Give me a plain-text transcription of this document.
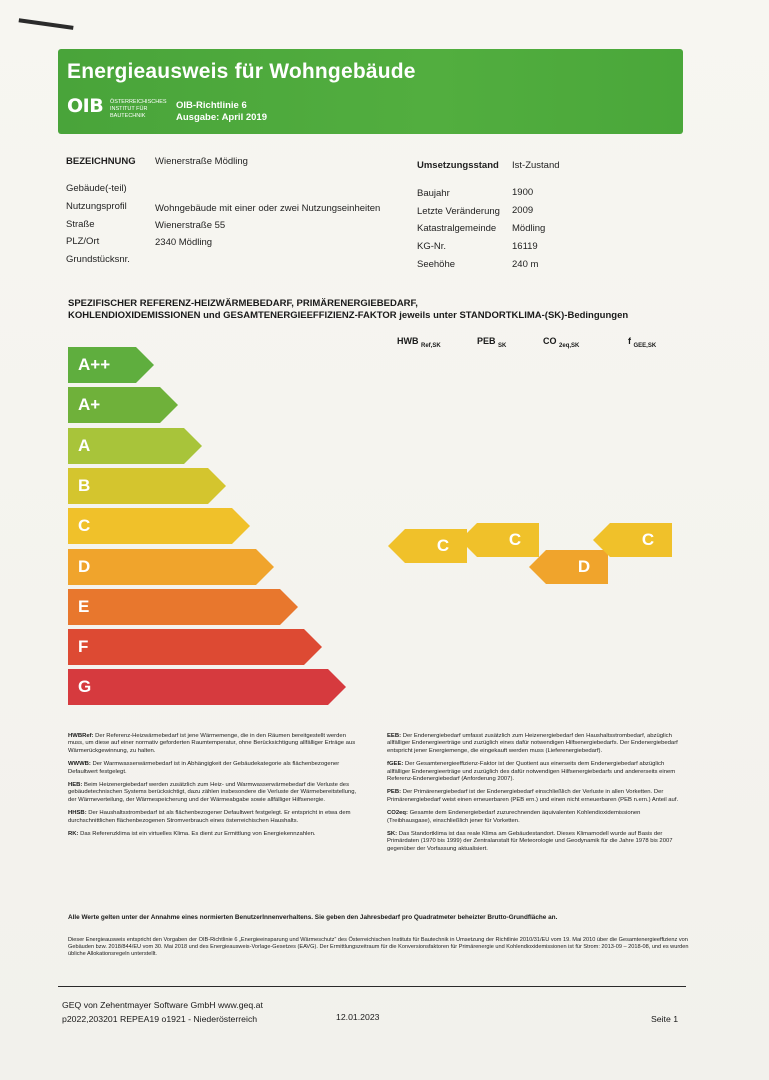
Energieausweis für Wohngebäude
OIB ÖSTERREICHISCHES INSTITUT FÜR BAUTECHNIK
OIB-Richtlinie 6
Ausgabe: April 2019
BEZEICHNUNG Wienerstraße Mödling
Gebäude(-teil)
Nutzungsprofil	Wohngebäude mit einer oder zwei Nutzungseinheiten
Straße	Wienerstraße 55
PLZ/Ort	2340 Mödling
Grundstücksnr.
Umsetzungsstand Ist-Zustand
Baujahr	1900
Letzte Veränderung 2009
Katastralgemeinde Mödling
KG-Nr.	16119
Seehöhe	240 m
SPEZIFISCHER REFERENZ-HEIZWÄRMEBEDARF, PRIMÄRENERGIEBEDARF,
KOHLENDIOXIDEMISSIONEN und GESAMTENERGIEEFFIZIENZ-FAKTOR jeweils unter STANDORTKLIMA-(SK)-Bedingungen
HWB $_{Ref,SK}$	PEB $_{SK}$	CO $_{2eq,SK}$	f $_{GEE,SK}$
A++
A+
A
B
C
D
E
F
G
C	C
D
C

HWBRef: Der Referenz-Heizwärmebedarf ist jene Wärmemenge, die in den Räumen bereitgestellt werden muss, um diese auf einer normativ geforderten Raumtemperatur, ohne Berücksichtigung allfälliger Erträge aus Wärmerückgewinnung, zu halten.

WWWB: Der Warmwasserwärmebedarf ist in Abhängigkeit der Gebäudekategorie als flächenbezogener Defaultwert festgelegt.

HEB: Beim Heizenergiebedarf werden zusätzlich zum Heiz- und Warmwasserwärmebedarf die Verluste des gebäudetechnischen Systems berücksichtigt, dazu zählen insbesondere die Verluste der Wärmebereitstellung, der Wärmeverteilung, der Wärmespeicherung und der Wärmeabgabe sowie allfälliger Hilfsenergie.

HHSB: Der Haushaltsstrombedarf ist als flächenbezogener Defaultwert festgelegt. Er entspricht in etwa dem durchschnittlichen flächenbezogenen Stromverbrauch eines österreichischen Haushalts.

RK: Das Referenzklima ist ein virtuelles Klima. Es dient zur Ermittlung von Energiekennzahlen.

EEB: Der Endenergiebedarf umfasst zusätzlich zum Heizenergiebedarf den Haushaltsstrombedarf, abzüglich allfälliger Endenergieerträge und zuzüglich eines dafür notwendigen Hilfsenergiebedarfs. Der Endenergiebedarf entspricht jener Energiemenge, die eingekauft werden muss (Lieferenergiebedarf).

fGEE: Der Gesamtenergieeffizienz-Faktor ist der Quotient aus einerseits dem Endenergiebedarf abzüglich allfälliger Endenergieerträge und zuzüglich des dafür notwendigen Hilfsenergiebedarfs und andererseits einem Referenz-Endenergiebedarf (Anforderung 2007).

PEB: Der Primärenergiebedarf ist der Endenergiebedarf einschließlich der Verluste in allen Vorketten. Der Primärenergiebedarf weist einen erneuerbaren (PEB ern.) und einen nicht erneuerbaren (PEB n.ern.) Anteil auf.

CO2eq: Gesamte dem Endenergiebedarf zuzurechnenden äquivalenten Kohlendioxidemissionen (Treibhausgase), einschließlich jener für Vorketten.

SK: Das Standortklima ist das reale Klima am Gebäudestandort. Dieses Klimamodell wurde auf Basis der Primärdaten (1970 bis 1999) der Zentralanstalt für Meteorologie und Geodynamik für die Jahre 1978 bis 2007 gegenüber der Vorfassung aktualisiert.

Alle Werte gelten unter der Annahme eines normierten BenutzerInnenverhaltens. Sie geben den Jahresbedarf pro Quadratmeter beheizter Brutto-Grundfläche an.
Dieser Energieausweis entspricht den Vorgaben der OIB-Richtlinie 6 „Energieeinsparung und Wärmeschutz“ des Österreichischen Instituts für Bautechnik in Umsetzung der Richtlinie 2010/31/EU vom 19. Mai 2010 über die Gesamtenergieeffizienz von Gebäuden bzw. 2018/844/EU vom 30. Mai 2018 und des Energieausweis-Vorlage-Gesetzes (EAVG). Der Ermittlungszeitraum für die Konversionsfaktoren für Primärenergie und Kohlendioxidemissionen ist für Strom: 2013-09 – 2018-08, und es wurden übliche Allokationsregeln unterstellt.
GEQ von Zehentmayer Software GmbH www.geq.at
p2022,203201 REPEA19 o1921 - Niederösterreich	12.01.2023	Seite 1
